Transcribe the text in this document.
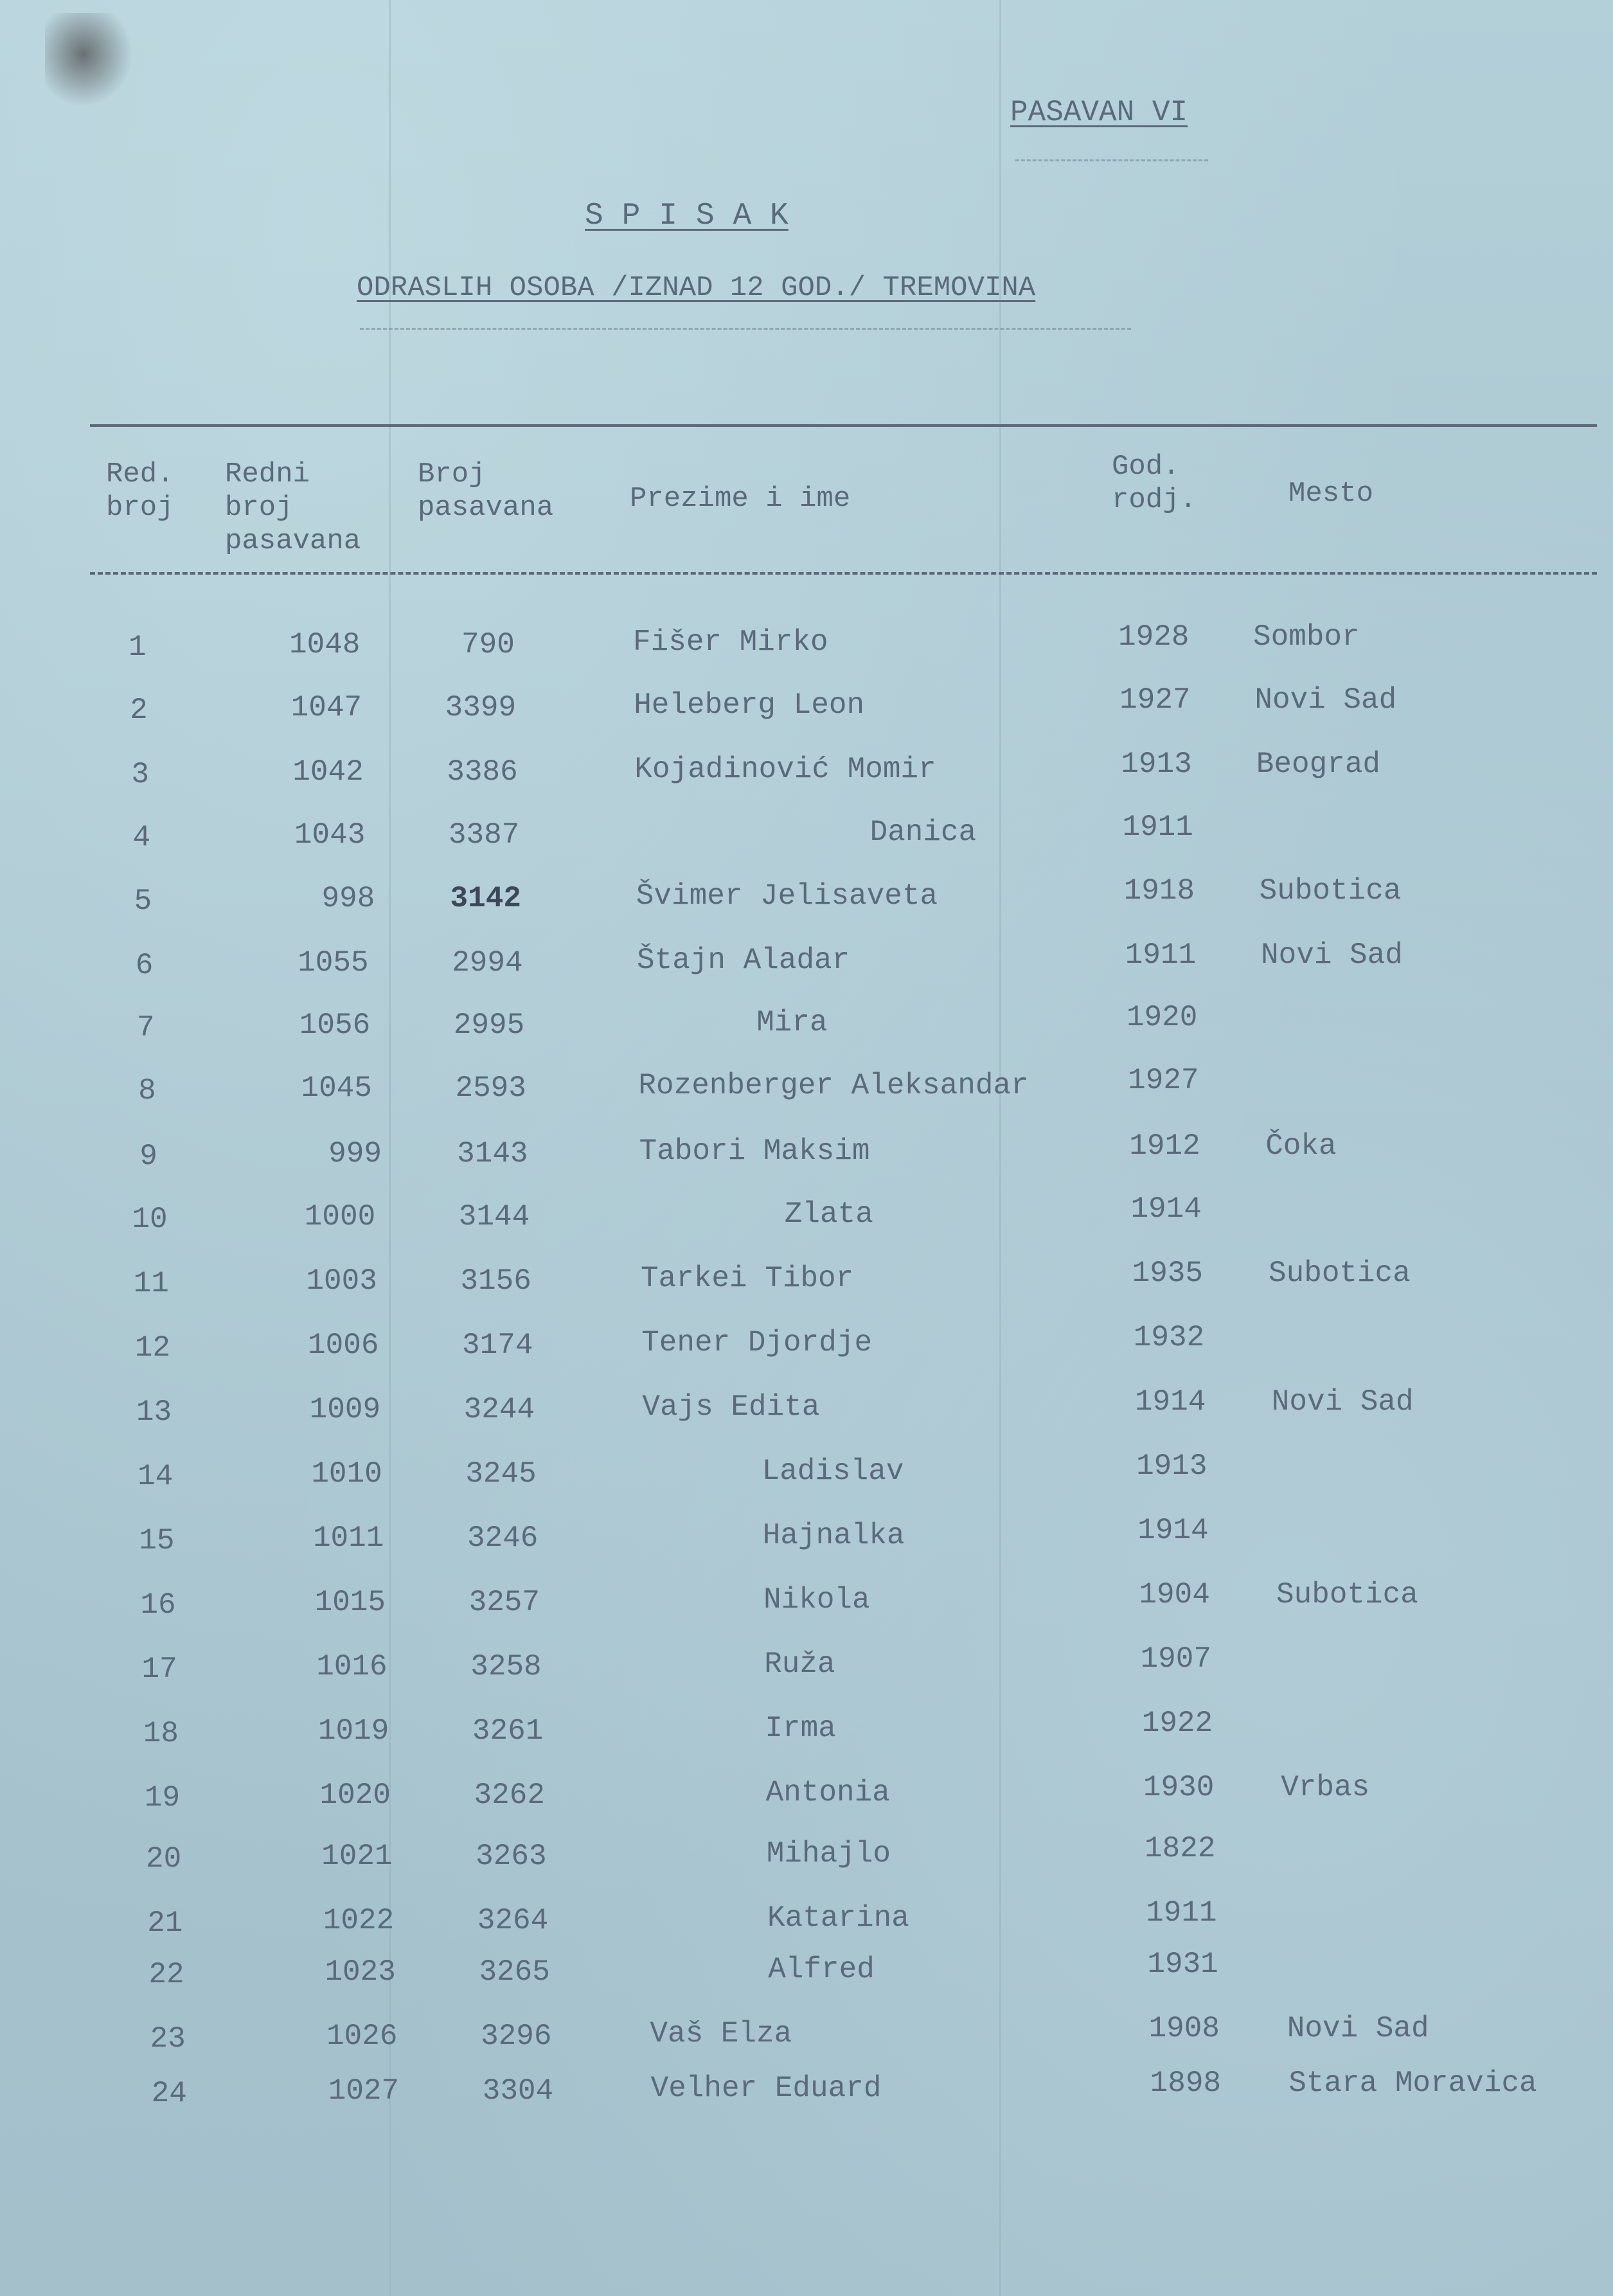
PASAVAN VI
S P I S A K
ODRASLIH OSOBA /IZNAD 12 GOD./ TREMOVINA
Red.
broj
Redni
broj
pasavana
Broj
pasavana	Prezime i ime
God.
rodj.	Mesto
1	1048	790	Fišer Mirko	1928 Sombor
2	1047	3399	Heleberg Leon	1927 Novi Sad
3	1042	3386	Kojadinović Momir	1913 Beograd
4	1043	3387	Danica	1911
5	998	3142	Švimer Jelisaveta	1918 Subotica
6	1055	2994	Štajn Aladar	1911 Novi Sad
7	1056	2995	Mira	1920
8	1045	2593	Rozenberger Aleksandar	1927
9	999	3143	Tabori Maksim	1912 Čoka
10	1000	3144	Zlata	1914
11	1003	3156	Tarkei Tibor	1935 Subotica
12	1006	3174	Tener Djordje	1932
13	1009	3244	Vajs Edita	1914 Novi Sad
14	1010	3245	Ladislav	1913
15	1011	3246	Hajnalka	1914
16	1015	3257	Nikola	1904 Subotica
17	1016	3258	Ruža	1907
18	1019	3261	Irma	1922
19	1020	3262	Antonia	1930 Vrbas
20	1021	3263	Mihajlo	1822
21	1022	3264	Katarina	1911
22	1023	3265	Alfred	1931
23	1026	3296	Vaš Elza	1908 Novi Sad
24	1027	3304	Velher Eduard	1898 Stara Moravica
